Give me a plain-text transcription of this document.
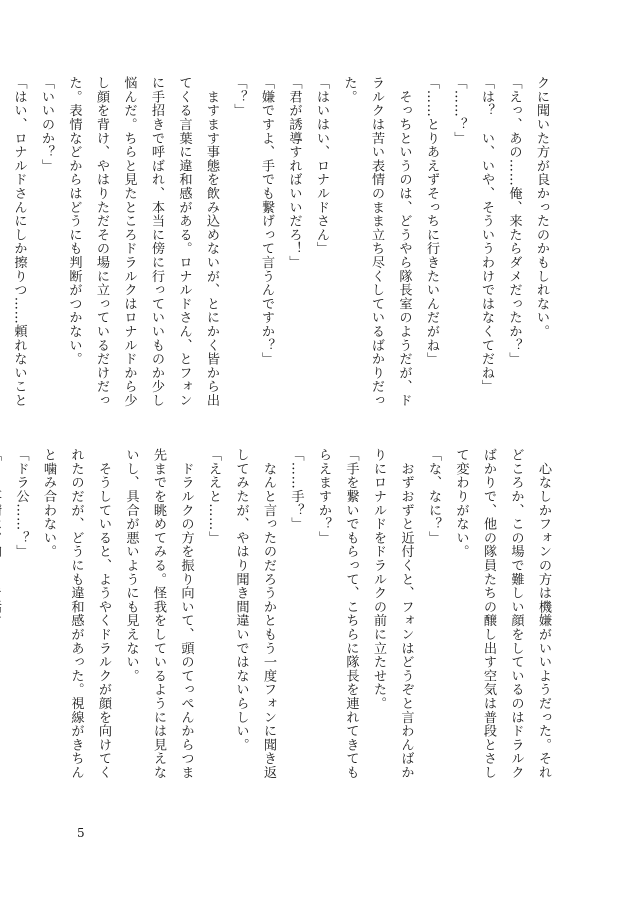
クに聞いた方が良かったのかもしれない。
「えっ、あの……俺、来たらダメだったか？」
「は？　い、いや、そういうわけではなくてだね」
「……？」
「……とりあえずそっちに行きたいんだがね」
　そっちというのは、どうやら隊長室のようだが、ド
ラルクは苦い表情のまま立ち尽くしているばかりだっ
た。
「はいはい、ロナルドさん」
「君が誘導すればいいだろ！」
「嫌ですよ、手でも繋げって言うんですか？」
「？」
　ますます事態を飲み込めないが、とにかく皆から出
てくる言葉に違和感がある。ロナルドさん、とフォン
に手招きで呼ばれ、本当に傍に行っていいものか少し
悩んだ。ちらと見たところドラルクはロナルドから少
し顔を背け、やはりただその場に立っているだけだっ
た。表情などからはどうにも判断がつかない。
「いいのか？」
「はい、ロナルドさんにしか擦りつ……頼れないこと
　心なしかフォンの方は機嫌がいいようだった。それ
どころか、この場で難しい顔をしているのはドラルク
ばかりで、他の隊員たちの醸し出す空気は普段とさし
て変わりがない。
「な、なに？」
　おずおずと近付くと、フォンはどうぞと言わんばか
りにロナルドをドラルクの前に立たせた。
「手を繋いでもらって、こちらに隊長を連れてきても
らえますか？」
「……手？」
　なんと言ったのだろうかともう一度フォンに聞き返
してみたが、やはり聞き間違いではないらしい。
「ええと……」
　ドラルクの方を振り向いて、頭のてっぺんからつま
先までを眺めてみる。怪我をしているようには見えな
いし、具合が悪いようにも見えない。
　そうしていると、ようやくドラルクが顔を向けてく
れたのだが、どうにも違和感があった。視線がきちん
と噛み合わない。
「ドラ公……？」
5
